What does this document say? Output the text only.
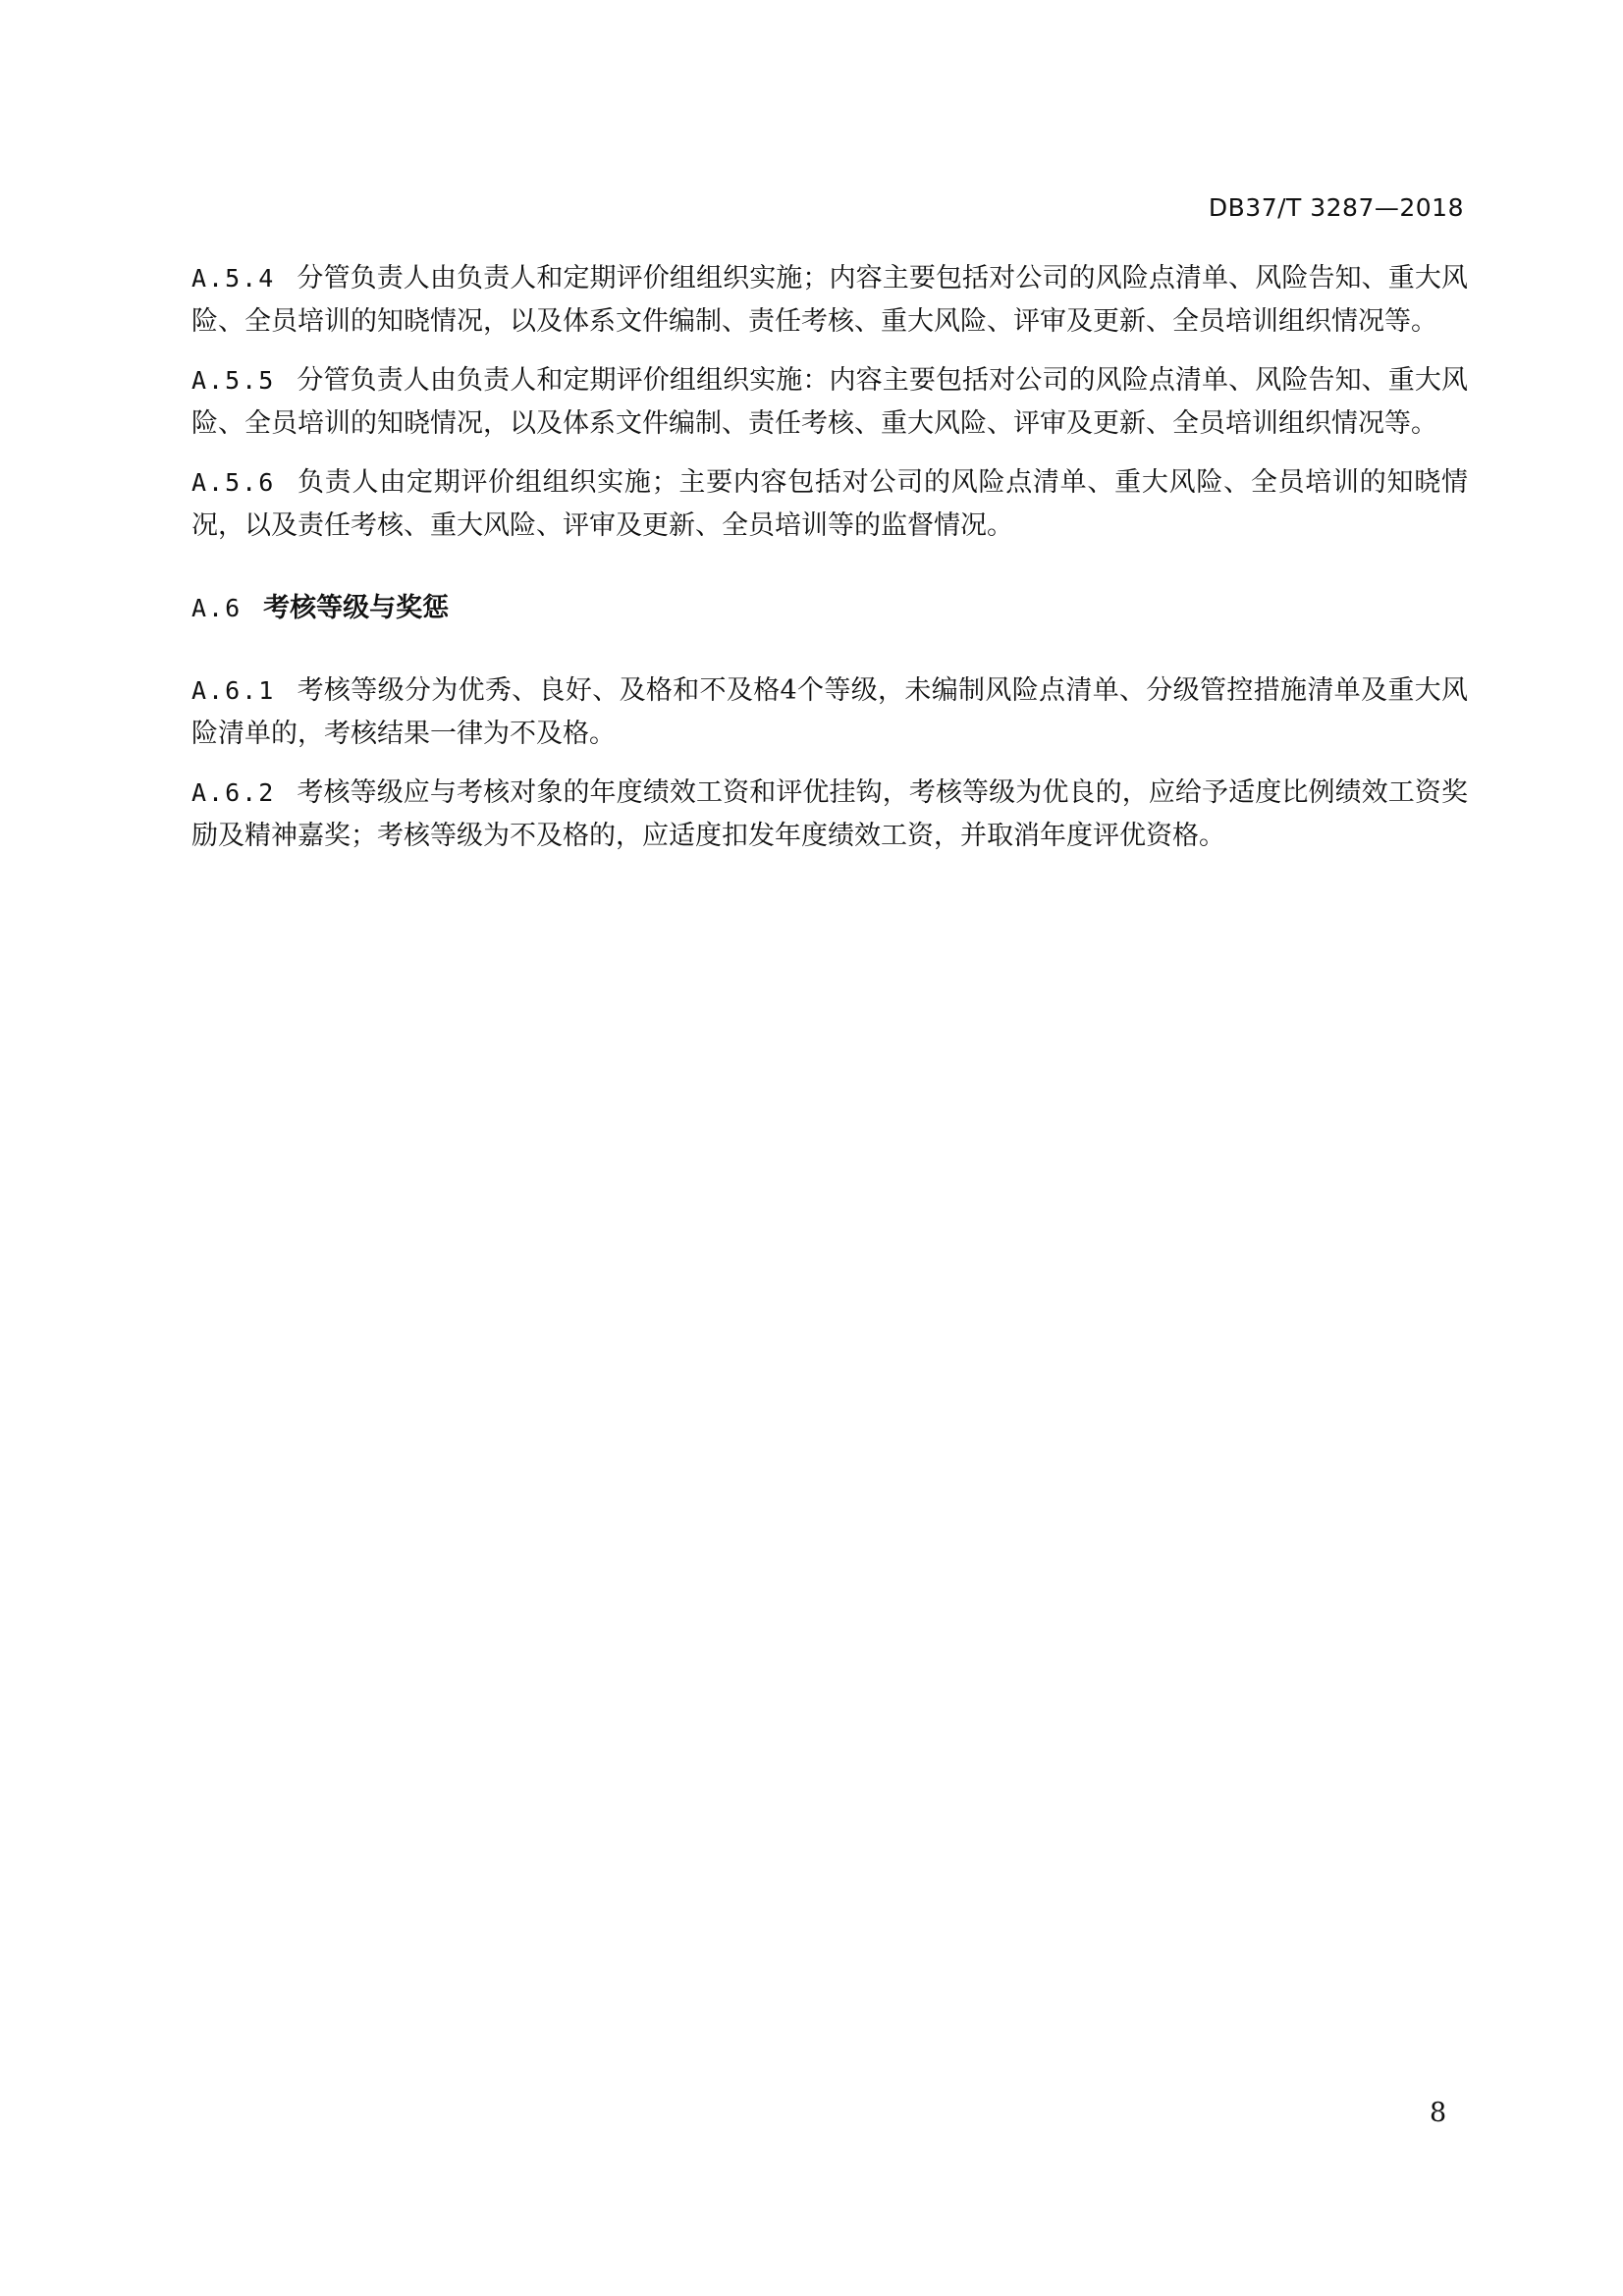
DB37/T 3287—2018

A.5.4 分管负责人由负责人和定期评价组组织实施；内容主要包括对公司的风险点清单、风险告知、重大风险、全员培训的知晓情况，以及体系文件编制、责任考核、重大风险、评审及更新、全员培训组织情况等。

A.5.5 分管负责人由负责人和定期评价组组织实施：内容主要包括对公司的风险点清单、风险告知、重大风险、全员培训的知晓情况，以及体系文件编制、责任考核、重大风险、评审及更新、全员培训组织情况等。

A.5.6 负责人由定期评价组组织实施；主要内容包括对公司的风险点清单、重大风险、全员培训的知晓情况，以及责任考核、重大风险、评审及更新、全员培训等的监督情况。

A.6 考核等级与奖惩

A.6.1 考核等级分为优秀、良好、及格和不及格4个等级，未编制风险点清单、分级管控措施清单及重大风险清单的，考核结果一律为不及格。

A.6.2 考核等级应与考核对象的年度绩效工资和评优挂钩，考核等级为优良的，应给予适度比例绩效工资奖励及精神嘉奖；考核等级为不及格的，应适度扣发年度绩效工资，并取消年度评优资格。

8
